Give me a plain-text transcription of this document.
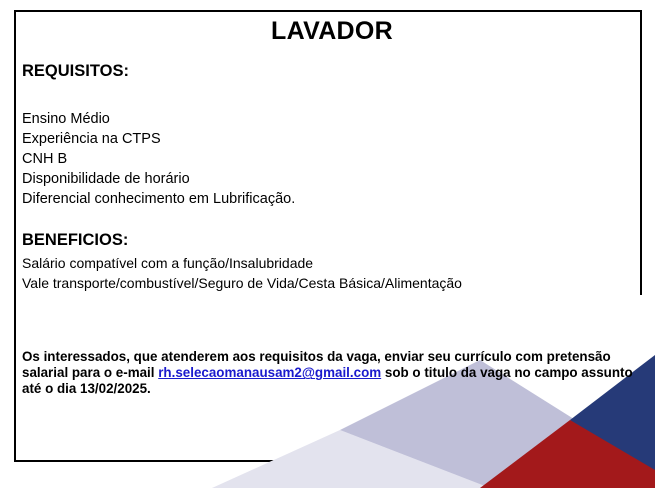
LAVADOR
REQUISITOS:
Ensino Médio
Experiência na CTPS
CNH B
Disponibilidade de horário
Diferencial conhecimento em Lubrificação.
BENEFICIOS:
Salário compatível com a função/Insalubridade
Vale transporte/combustível/Seguro de Vida/Cesta Básica/Alimentação

Os interessados, que atenderem aos requisitos da vaga, enviar seu currículo com pretensão salarial para o e-mail rh.selecaomanausam2@gmail.com sob o titulo da vaga no campo assunto até o dia 13/02/2025.
